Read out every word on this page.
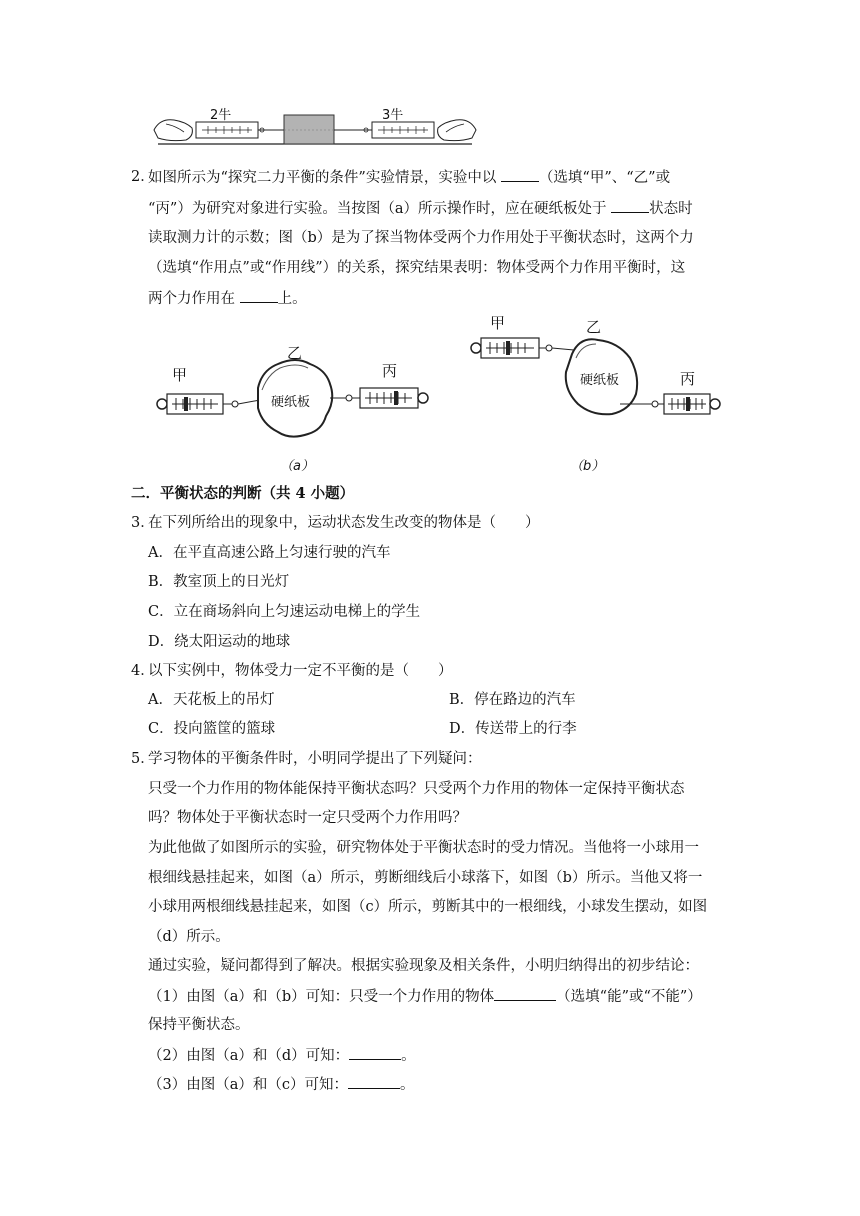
2牛	3牛
2．
如图所示为“探究二力平衡的条件”实验情景，实验中以	（选填“甲”、“乙”或
“丙”）为研究对象进行实验。当按图（a）所示操作时，应在硬纸板处于	状态时
读取测力计的示数；图（b）是为了探当物体受两个力作用处于平衡状态时，这两个力
（选填“作用点”或“作用线”）的关系，探究结果表明：物体受两个力作用平衡时，这
两个力作用在	上。
甲
硬纸板
乙
丙
（a）
甲	乙
硬纸板	丙
（b）
二．平衡状态的判断（共 4 小题）
3．
在下列所给出的现象中，运动状态发生改变的物体是（　　）
A．在平直高速公路上匀速行驶的汽车
B．教室顶上的日光灯
C．立在商场斜向上匀速运动电梯上的学生
D．绕太阳运动的地球
4．
以下实例中，物体受力一定不平衡的是（　　）
A．天花板上的吊灯	B．停在路边的汽车
C．投向篮筐的篮球	D．传送带上的行李
5．
学习物体的平衡条件时，小明同学提出了下列疑问：
只受一个力作用的物体能保持平衡状态吗？只受两个力作用的物体一定保持平衡状态
吗？物体处于平衡状态时一定只受两个力作用吗？
为此他做了如图所示的实验，研究物体处于平衡状态时的受力情况。当他将一小球用一
根细线悬挂起来，如图（a）所示，剪断细线后小球落下，如图（b）所示。当他又将一
小球用两根细线悬挂起来，如图（c）所示，剪断其中的一根细线，小球发生摆动，如图
（d）所示。
通过实验，疑问都得到了解决。根据实验现象及相关条件，小明归纳得出的初步结论：
（1）由图（a）和（b）可知：只受一个力作用的物体	（选填“能”或“不能”）
保持平衡状态。
（2）由图（a）和（d）可知：	。
（3）由图（a）和（c）可知：	。
